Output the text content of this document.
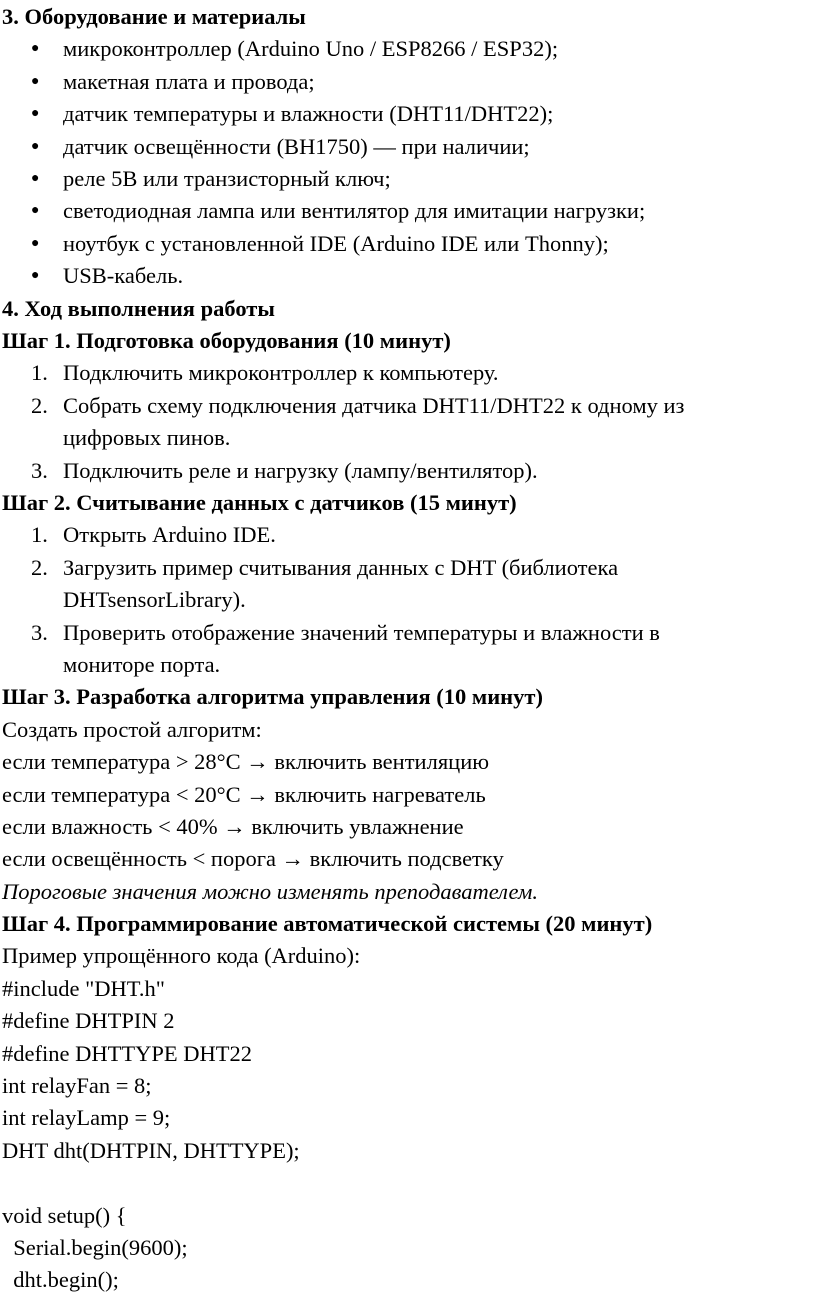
3. Оборудование и материалы
● микроконтроллер (Arduino Uno / ESP8266 / ESP32);
● макетная плата и провода;
● датчик температуры и влажности (DHT11/DHT22);
● датчик освещённости (BH1750) — при наличии;
● реле 5В или транзисторный ключ;
● светодиодная лампа или вентилятор для имитации нагрузки;
● ноутбук с установленной IDE (Arduino IDE или Thonny);
● USB-кабель.
4. Ход выполнения работы
Шаг 1. Подготовка оборудования (10 минут)
1. Подключить микроконтроллер к компьютеру.
2. Собрать схему подключения датчика DHT11/DHT22 к одному из цифровых пинов.
3. Подключить реле и нагрузку (лампу/вентилятор).
Шаг 2. Считывание данных с датчиков (15 минут)
1. Открыть Arduino IDE.
2. Загрузить пример считывания данных с DHT (библиотека DHTsensorLibrary).
3. Проверить отображение значений температуры и влажности в мониторе порта.
Шаг 3. Разработка алгоритма управления (10 минут)
Создать простой алгоритм:
если температура > 28°C → включить вентиляцию
если температура < 20°C → включить нагреватель
если влажность < 40% → включить увлажнение
если освещённость < порога → включить подсветку
Пороговые значения можно изменять преподавателем.
Шаг 4. Программирование автоматической системы (20 минут)
Пример упрощённого кода (Arduino):
#include "DHT.h"
#define DHTPIN 2
#define DHTTYPE DHT22
int relayFan = 8;
int relayLamp = 9;
DHT dht(DHTPIN, DHTTYPE);
void setup() {
Serial.begin(9600);
dht.begin();
